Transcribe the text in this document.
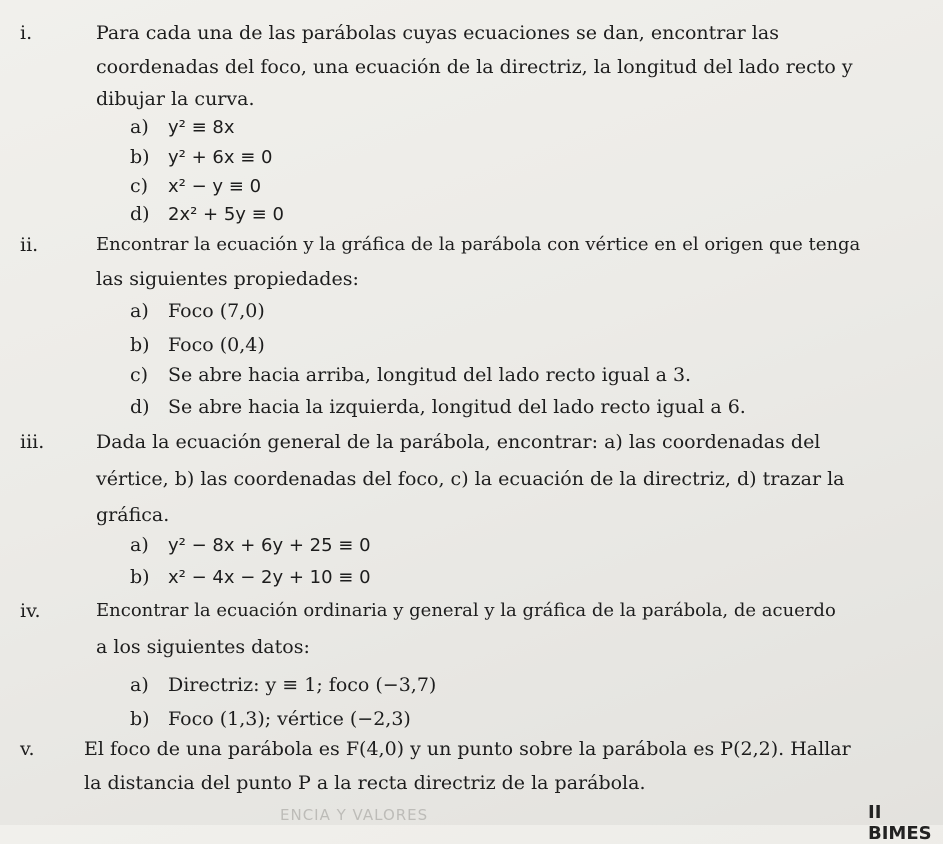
i.	Para cada una de las parábolas cuyas ecuaciones se dan, encontrar las
coordenadas del foco, una ecuación de la directriz, la longitud del lado recto y
dibujar la curva.
a) y² ≡ 8x
b) y² + 6x ≡ 0
c) x² − y ≡ 0
d) 2x² + 5y ≡ 0
ii.	Encontrar la ecuación y la gráfica de la parábola con vértice en el origen que tenga
las siguientes propiedades:
a) Foco (7,0)
b) Foco (0,4)
c) Se abre hacia arriba, longitud del lado recto igual a 3.
d) Se abre hacia la izquierda, longitud del lado recto igual a 6.
iii.	Dada la ecuación general de la parábola, encontrar: a) las coordenadas del
vértice, b) las coordenadas del foco, c) la ecuación de la directriz, d) trazar la
gráfica.
a) y² − 8x + 6y + 25 ≡ 0
b) x² − 4x − 2y + 10 ≡ 0
iv.	Encontrar la ecuación ordinaria y general y la gráfica de la parábola, de acuerdo
a los siguientes datos:
a) Directriz: y ≡ 1; foco (−3,7)
b) Foco (1,3); vértice (−2,3)
v.	El foco de una parábola es F(4,0) y un punto sobre la parábola es P(2,2). Hallar
la distancia del punto P a la recta directriz de la parábola.
ENCIA Y VALORES	II BIMES
